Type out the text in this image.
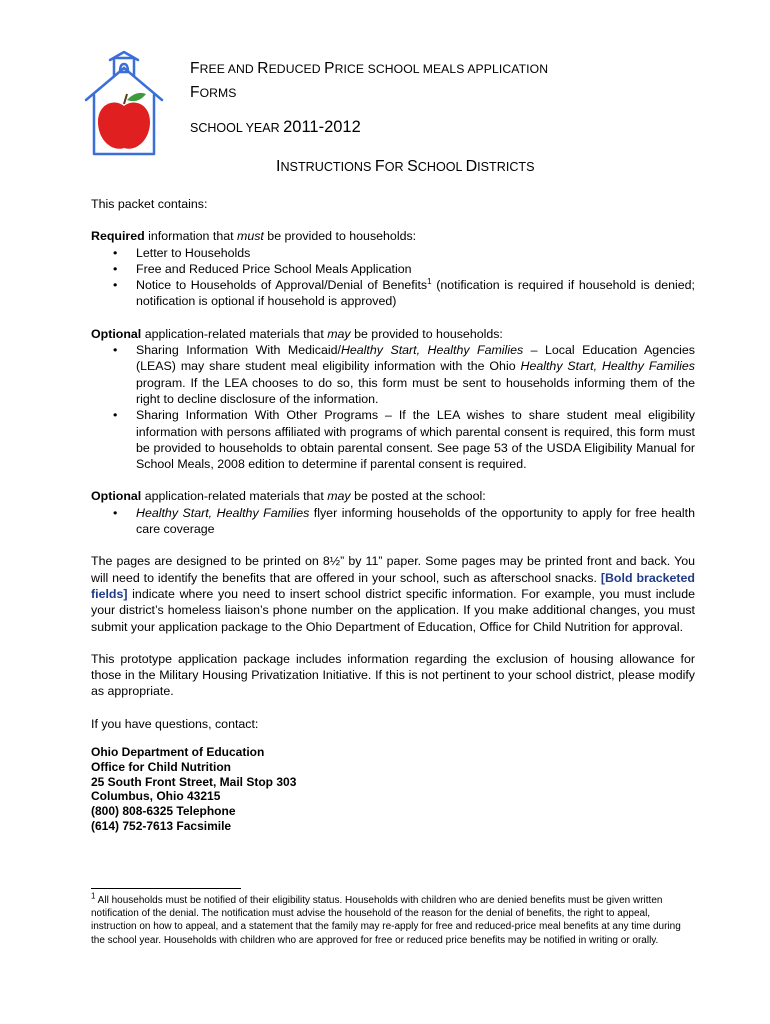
FREE AND REDUCED PRICE SCHOOL MEALS APPLICATION
FORMS
SCHOOL YEAR 2011-2012
INSTRUCTIONS FOR SCHOOL DISTRICTS

This packet contains:

Required information that must be provided to households:

• Letter to Households
• Free and Reduced Price School Meals Application
• Notice to Households of Approval/Denial of Benefits$^1$ (notification is required if household is denied; notification is optional if household is approved)

Optional application-related materials that may be provided to households:

• Sharing Information With Medicaid/Healthy Start, Healthy Families – Local Education Agencies (LEAS) may share student meal eligibility information with the Ohio Healthy Start, Healthy Families program. If the LEA chooses to do so, this form must be sent to households informing them of the right to decline disclosure of the information.
• Sharing Information With Other Programs – If the LEA wishes to share student meal eligibility information with persons affiliated with programs of which parental consent is required, this form must be provided to households to obtain parental consent. See page 53 of the USDA Eligibility Manual for School Meals, 2008 edition to determine if parental consent is required.

Optional application-related materials that may be posted at the school:

• Healthy Start, Healthy Families flyer informing households of the opportunity to apply for free health care coverage

The pages are designed to be printed on 8½” by 11” paper. Some pages may be printed front and back. You will need to identify the benefits that are offered in your school, such as afterschool snacks. [Bold bracketed fields] indicate where you need to insert school district specific information. For example, you must include your district’s homeless liaison’s phone number on the application. If you make additional changes, you must submit your application package to the Ohio Department of Education, Office for Child Nutrition for approval.

This prototype application package includes information regarding the exclusion of housing allowance for those in the Military Housing Privatization Initiative. If this is not pertinent to your school district, please modify as appropriate.

If you have questions, contact:

Ohio Department of Education
Office for Child Nutrition
25 South Front Street, Mail Stop 303
Columbus, Ohio 43215
(800) 808-6325 Telephone
(614) 752-7613 Facsimile
$^1$ All households must be notified of their eligibility status. Households with children who are denied benefits must be given written notification of the denial. The notification must advise the household of the reason for the denial of benefits, the right to appeal, instruction on how to appeal, and a statement that the family may re-apply for free and reduced-price meal benefits at any time during the school year. Households with children who are approved for free or reduced price benefits may be notified in writing or orally.
